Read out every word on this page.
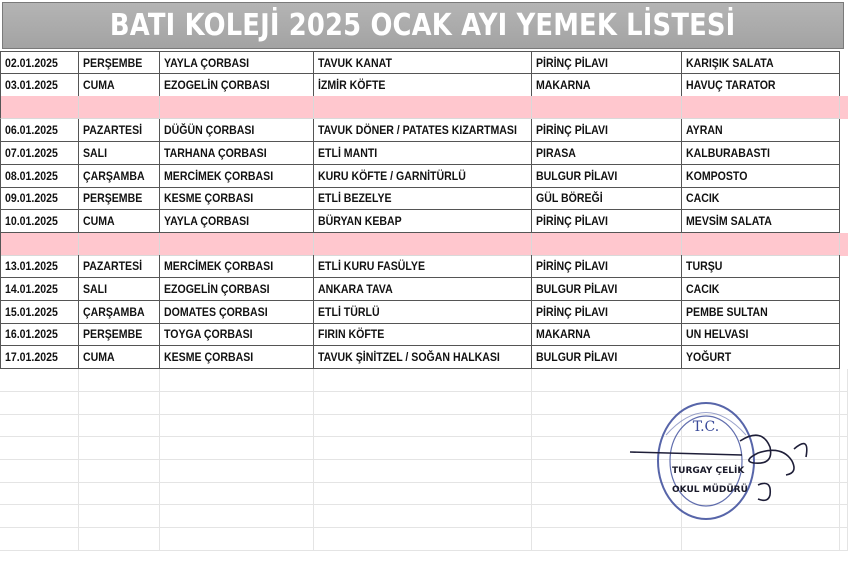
BATI KOLEJİ 2025 OCAK AYI YEMEK LİSTESİ
02.01.2025	PERŞEMBE	YAYLA ÇORBASI	TAVUK KANAT	PİRİNÇ PİLAVI	KARIŞIK SALATA
03.01.2025	CUMA	EZOGELİN ÇORBASI	İZMİR KÖFTE	MAKARNA	HAVUÇ TARATOR
06.01.2025	PAZARTESİ	DÜĞÜN ÇORBASI	TAVUK DÖNER / PATATES KIZARTMASI	PİRİNÇ PİLAVI	AYRAN
07.01.2025	SALI	TARHANA ÇORBASI	ETLİ MANTI	PIRASA	KALBURABASTI
08.01.2025	ÇARŞAMBA	MERCİMEK ÇORBASI	KURU KÖFTE / GARNİTÜRLÜ	BULGUR PİLAVI	KOMPOSTO
09.01.2025	PERŞEMBE	KESME ÇORBASI	ETLİ BEZELYE	GÜL BÖREĞİ	CACIK
10.01.2025	CUMA	YAYLA ÇORBASI	BÜRYAN KEBAP	PİRİNÇ PİLAVI	MEVSİM SALATA
13.01.2025	PAZARTESİ	MERCİMEK ÇORBASI	ETLİ KURU FASÜLYE	PİRİNÇ PİLAVI	TURŞU
14.01.2025	SALI	EZOGELİN ÇORBASI	ANKARA TAVA	BULGUR PİLAVI	CACIK
15.01.2025	ÇARŞAMBA	DOMATES ÇORBASI	ETLİ TÜRLÜ	PİRİNÇ PİLAVI	PEMBE SULTAN
16.01.2025	PERŞEMBE	TOYGA ÇORBASI	FIRIN KÖFTE	MAKARNA	UN HELVASI
17.01.2025	CUMA	KESME ÇORBASI	TAVUK ŞİNİTZEL / SOĞAN HALKASI	BULGUR PİLAVI	YOĞURT
T.C.
TURGAY ÇELİK
OKUL MÜDÜRÜ
